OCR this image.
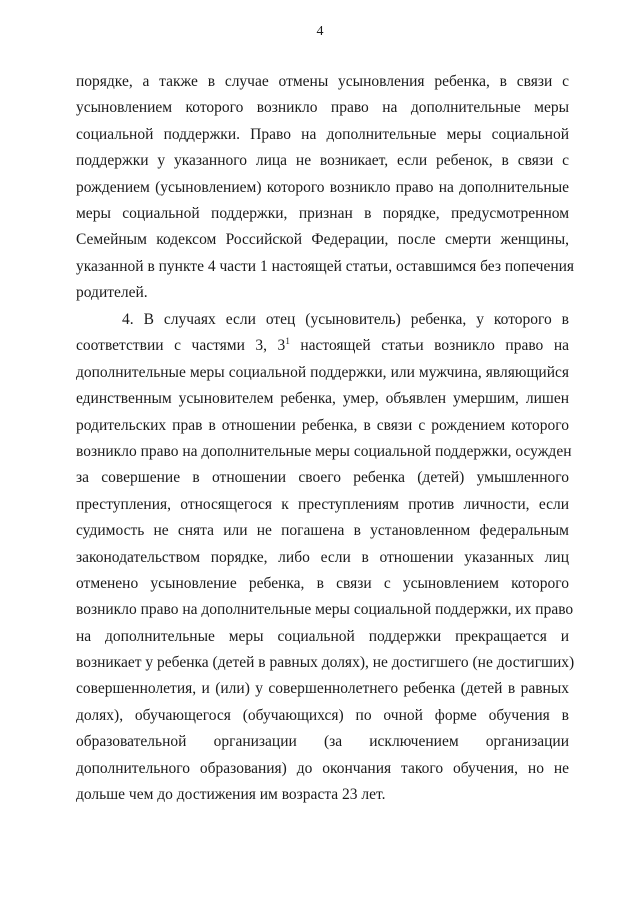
4
порядке, а также в случае отмены усыновления ребенка, в связи с
усыновлением которого возникло право на дополнительные меры
социальной поддержки. Право на дополнительные меры социальной
поддержки у указанного лица не возникает, если ребенок, в связи с
рождением (усыновлением) которого возникло право на дополнительные
меры социальной поддержки, признан в порядке, предусмотренном
Семейным кодексом Российской Федерации, после смерти женщины,
указанной в пункте 4 части 1 настоящей статьи, оставшимся без попечения
родителей.
4. В случаях если отец (усыновитель) ребенка, у которого в
соответствии с частями 3, $3^1$ настоящей статьи возникло право на
дополнительные меры социальной поддержки, или мужчина, являющийся
единственным усыновителем ребенка, умер, объявлен умершим, лишен
родительских прав в отношении ребенка, в связи с рождением которого
возникло право на дополнительные меры социальной поддержки, осужден
за совершение в отношении своего ребенка (детей) умышленного
преступления, относящегося к преступлениям против личности, если
судимость не снята или не погашена в установленном федеральным
законодательством порядке, либо если в отношении указанных лиц
отменено усыновление ребенка, в связи с усыновлением которого
возникло право на дополнительные меры социальной поддержки, их право
на дополнительные меры социальной поддержки прекращается и
возникает у ребенка (детей в равных долях), не достигшего (не достигших)
совершеннолетия, и (или) у совершеннолетнего ребенка (детей в равных
долях), обучающегося (обучающихся) по очной форме обучения в
образовательной организации (за исключением организации
дополнительного образования) до окончания такого обучения, но не
дольше чем до достижения им возраста 23 лет.
